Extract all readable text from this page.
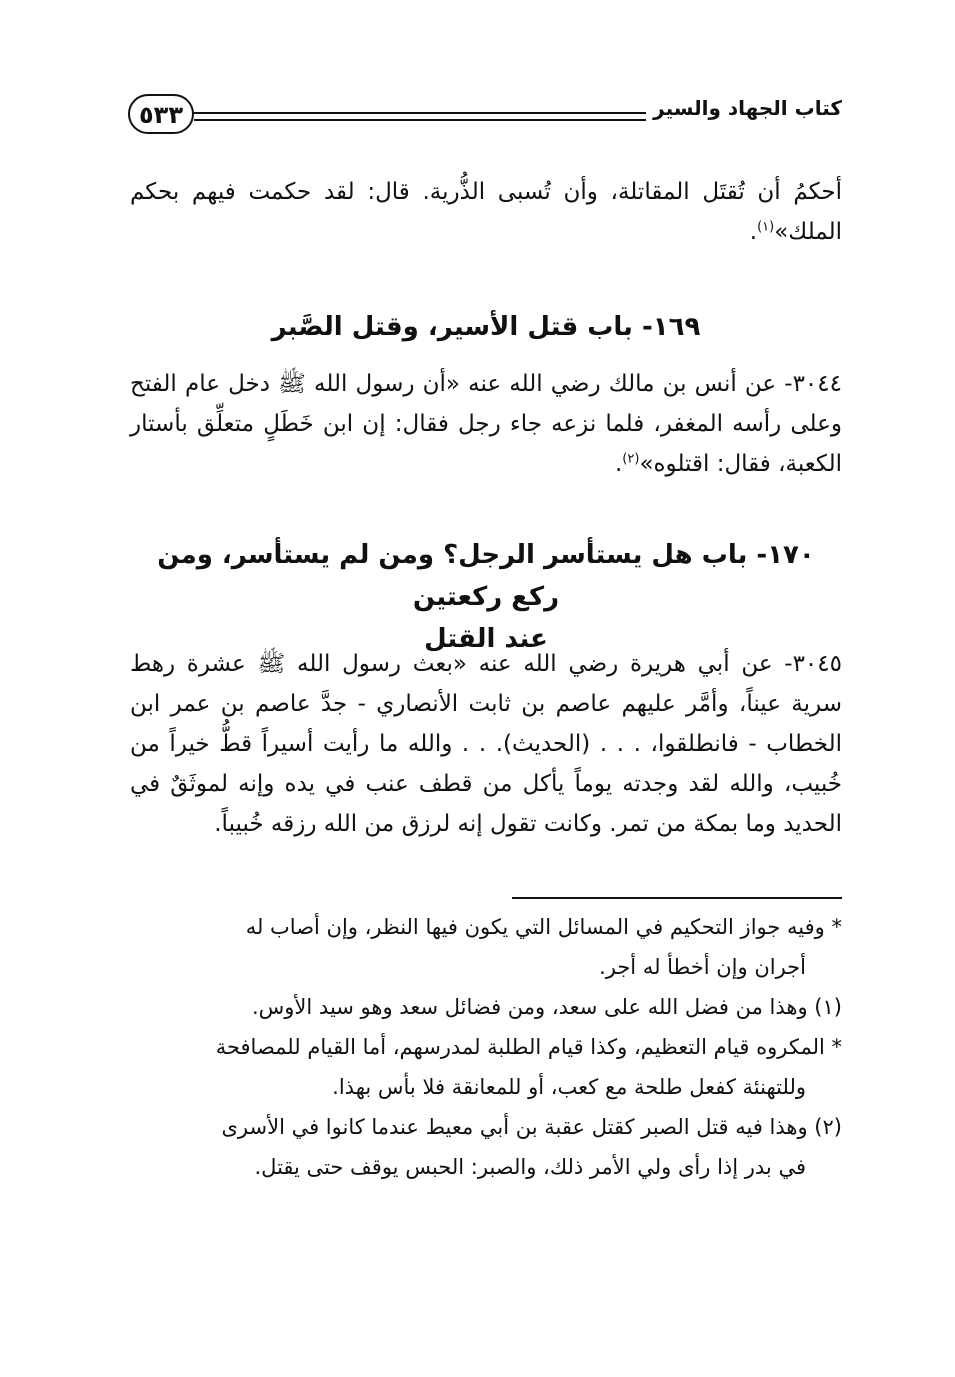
كتاب الجهاد والسير
٥٣٣
أحكمُ أن تُقتَل المقاتلة، وأن تُسبى الذُّرية. قال: لقد حكمت فيهم بحكم الملك»$^{(١)}$.
١٦٩- باب قتل الأسير، وقتل الصَّبر
٣٠٤٤- عن أنس بن مالك رضي الله عنه «أن رسول الله ﷺ دخل عام الفتح وعلى رأسه المغفر، فلما نزعه جاء رجل فقال: إن ابن خَطَلٍ متعلِّق بأستار الكعبة، فقال: اقتلوه»$^{(٢)}$.
١٧٠- باب هل يستأسر الرجل؟ ومن لم يستأسر، ومن ركع ركعتين
عند القتل
٣٠٤٥- عن أبي هريرة رضي الله عنه «بعث رسول الله ﷺ عشرة رهط سرية عيناً، وأمَّر عليهم عاصم بن ثابت الأنصاري - جدَّ عاصم بن عمر ابن الخطاب - فانطلقوا، . . . (الحديث). . . والله ما رأيت أسيراً قطُّ خيراً من خُبيب، والله لقد وجدته يوماً يأكل من قطف عنب في يده وإنه لموثَقٌ في الحديد وما بمكة من تمر. وكانت تقول إنه لرزق من الله رزقه خُبيباً.
* وفيه جواز التحكيم في المسائل التي يكون فيها النظر، وإن أصاب له
أجران وإن أخطأ له أجر.
(١) وهذا من فضل الله على سعد، ومن فضائل سعد وهو سيد الأوس.
* المكروه قيام التعظيم، وكذا قيام الطلبة لمدرسهم، أما القيام للمصافحة
وللتهنئة كفعل طلحة مع كعب، أو للمعانقة فلا بأس بهذا.
(٢) وهذا فيه قتل الصبر كقتل عقبة بن أبي معيط عندما كانوا في الأسرى
في بدر إذا رأى ولي الأمر ذلك، والصبر: الحبس يوقف حتى يقتل.
